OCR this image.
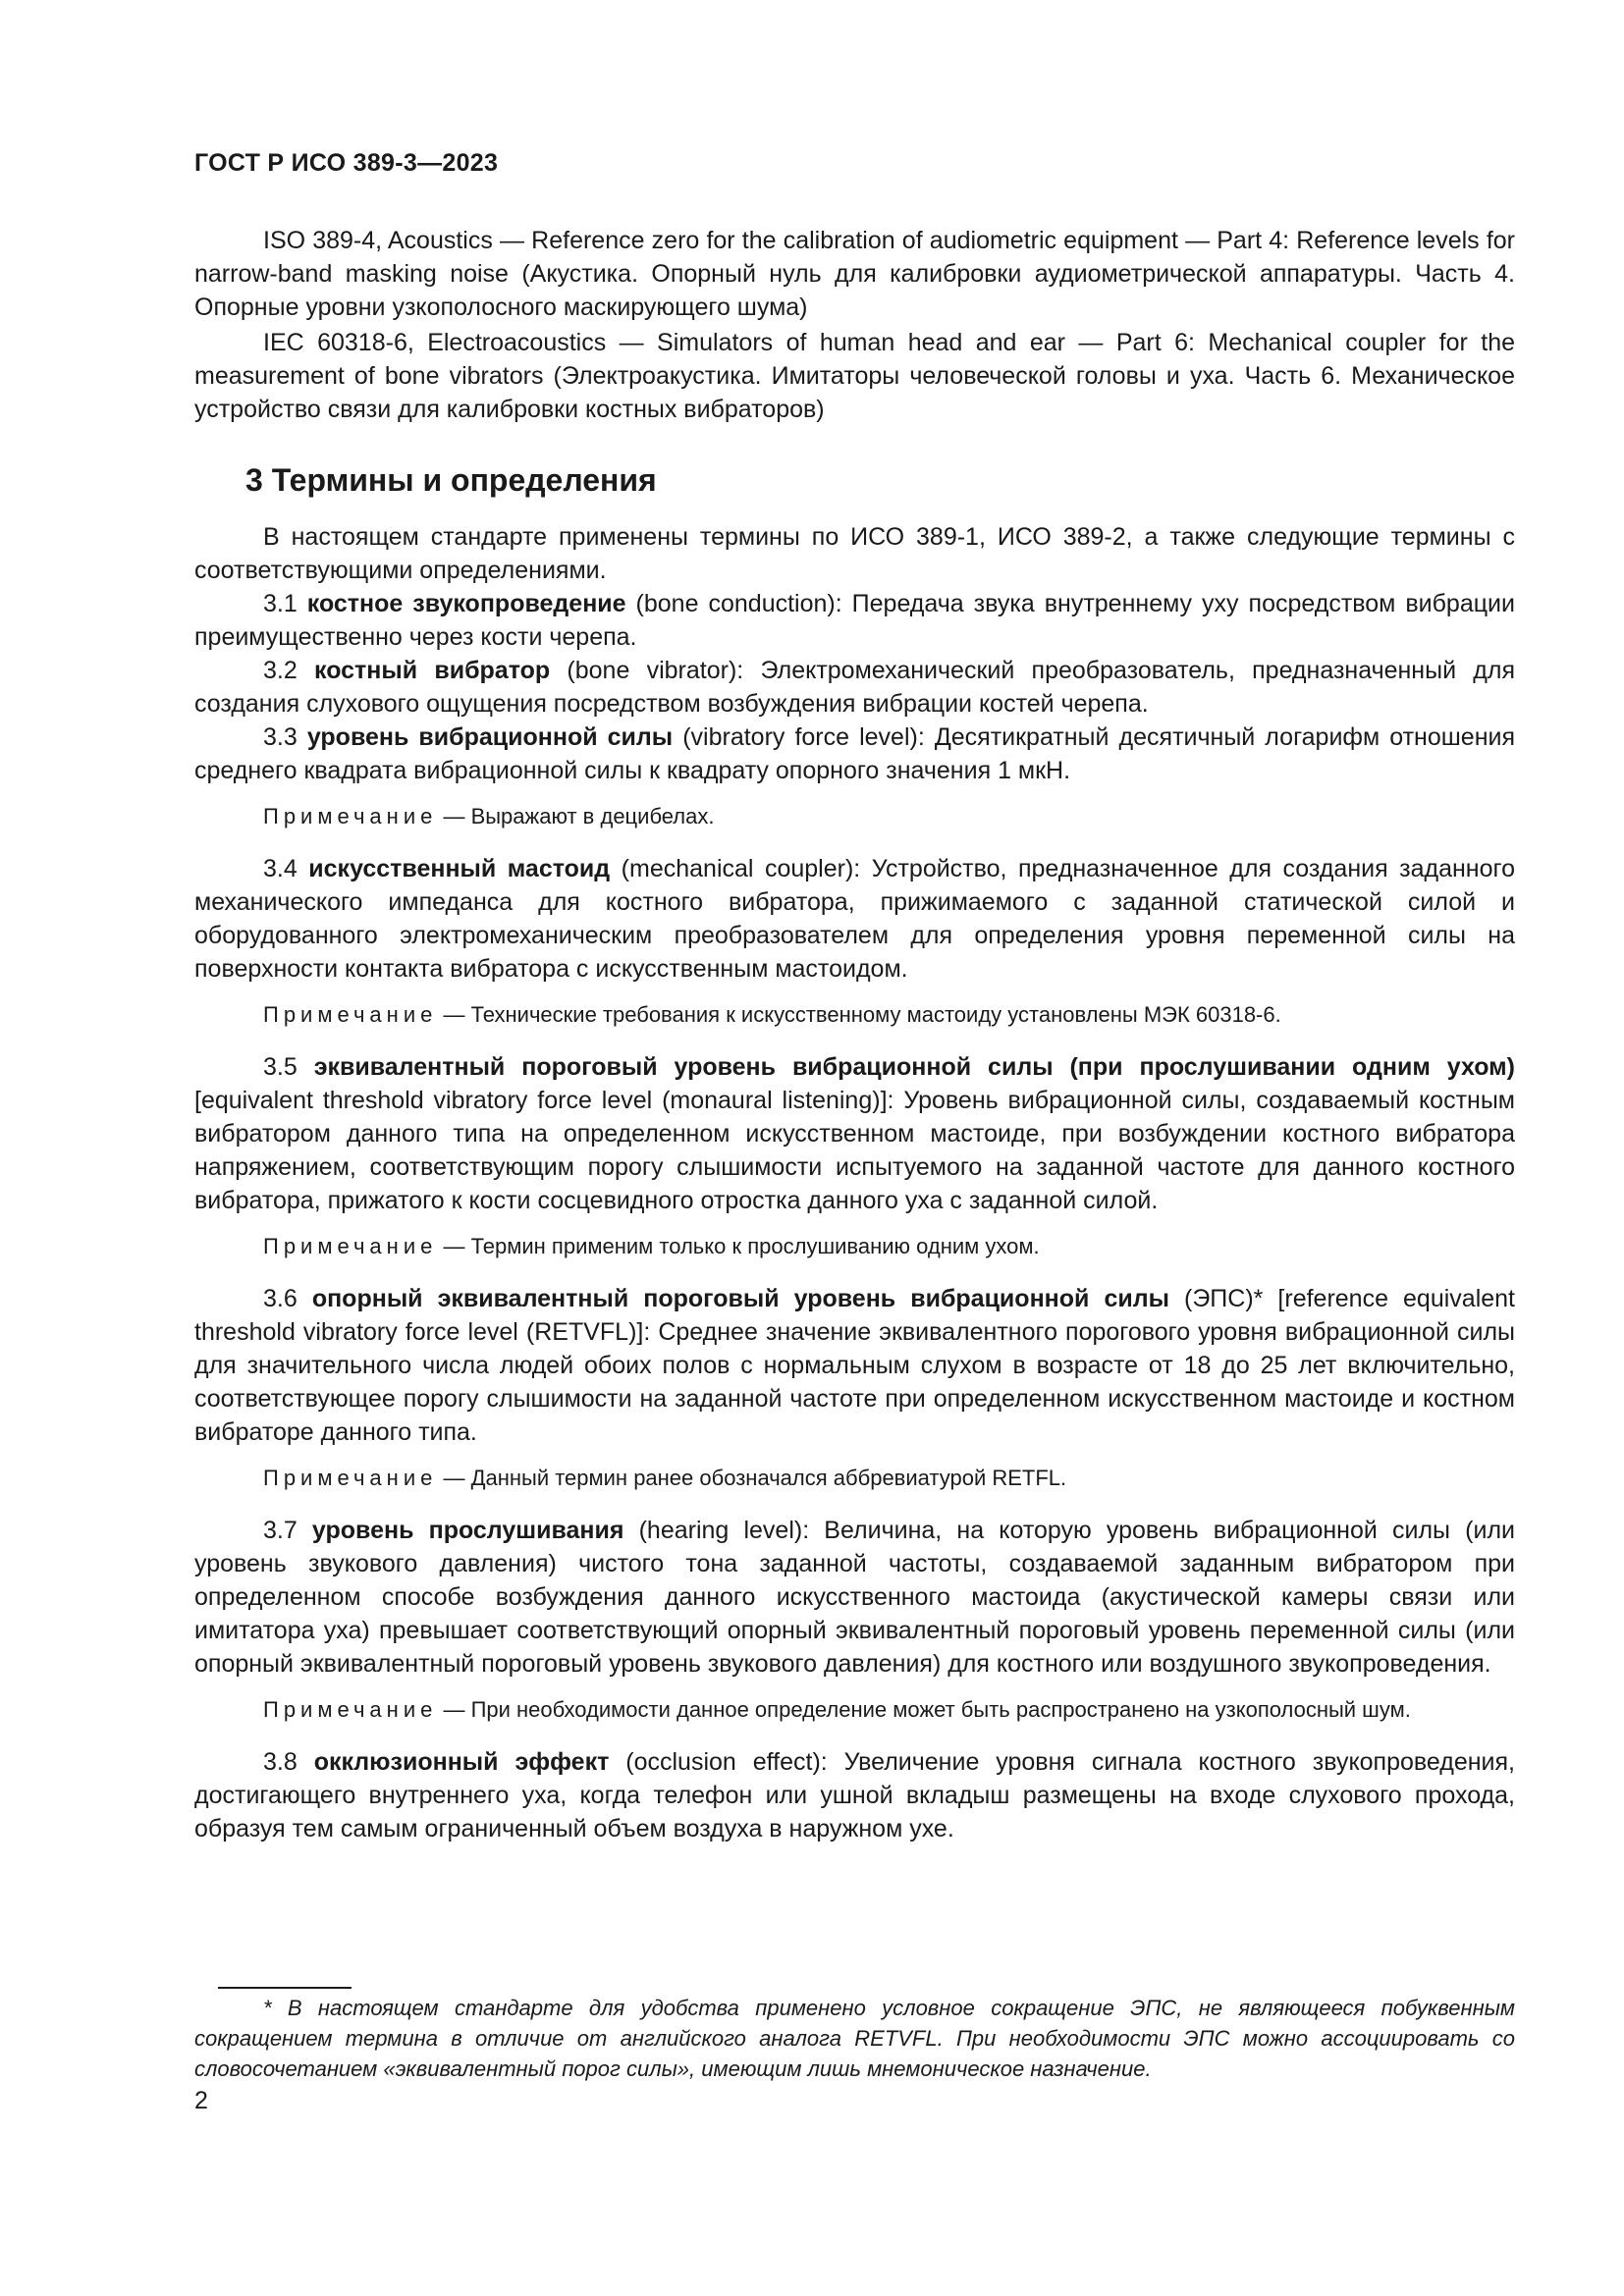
ГОСТ Р ИСО 389-3—2023

ISO 389-4, Acoustics — Reference zero for the calibration of audiometric equipment — Part 4: Reference levels for narrow-band masking noise (Акустика. Опорный нуль для калибровки аудиометрической аппаратуры. Часть 4. Опорные уровни узкополосного маскирующего шума)

IEC 60318-6, Electroacoustics — Simulators of human head and ear — Part 6: Mechanical coupler for the measurement of bone vibrators (Электроакустика. Имитаторы человеческой головы и уха. Часть 6. Механическое устройство связи для калибровки костных вибраторов)

3 Термины и определения

В настоящем стандарте применены термины по ИСО 389-1, ИСО 389-2, а также следующие термины с соответствующими определениями.

3.1 костное звукопроведение (bone conduction): Передача звука внутреннему уху посредством вибрации преимущественно через кости черепа.

3.2 костный вибратор (bone vibrator): Электромеханический преобразователь, предназначенный для создания слухового ощущения посредством возбуждения вибрации костей черепа.

3.3 уровень вибрационной силы (vibratory force level): Десятикратный десятичный логарифм отношения среднего квадрата вибрационной силы к квадрату опорного значения 1 мкН.

Примечание — Выражают в децибелах.

3.4 искусственный мастоид (mechanical coupler): Устройство, предназначенное для создания заданного механического импеданса для костного вибратора, прижимаемого с заданной статической силой и оборудованного электромеханическим преобразователем для определения уровня переменной силы на поверхности контакта вибратора с искусственным мастоидом.

Примечание — Технические требования к искусственному мастоиду установлены МЭК 60318-6.

3.5 эквивалентный пороговый уровень вибрационной силы (при прослушивании одним ухом) [equivalent threshold vibratory force level (monaural listening)]: Уровень вибрационной силы, создаваемый костным вибратором данного типа на определенном искусственном мастоиде, при возбуждении костного вибратора напряжением, соответствующим порогу слышимости испытуемого на заданной частоте для данного костного вибратора, прижатого к кости сосцевидного отростка данного уха с заданной силой.

Примечание — Термин применим только к прослушиванию одним ухом.

3.6 опорный эквивалентный пороговый уровень вибрационной силы (ЭПС)* [reference equivalent threshold vibratory force level (RETVFL)]: Среднее значение эквивалентного порогового уровня вибрационной силы для значительного числа людей обоих полов с нормальным слухом в возрасте от 18 до 25 лет включительно, соответствующее порогу слышимости на заданной частоте при определенном искусственном мастоиде и костном вибраторе данного типа.

Примечание — Данный термин ранее обозначался аббревиатурой RETFL.

3.7 уровень прослушивания (hearing level): Величина, на которую уровень вибрационной силы (или уровень звукового давления) чистого тона заданной частоты, создаваемой заданным вибратором при определенном способе возбуждения данного искусственного мастоида (акустической камеры связи или имитатора уха) превышает соответствующий опорный эквивалентный пороговый уровень переменной силы (или опорный эквивалентный пороговый уровень звукового давления) для костного или воздушного звукопроведения.

Примечание — При необходимости данное определение может быть распространено на узкополосный шум.

3.8 окклюзионный эффект (occlusion effect): Увеличение уровня сигнала костного звукопроведения, достигающего внутреннего уха, когда телефон или ушной вкладыш размещены на входе слухового прохода, образуя тем самым ограниченный объем воздуха в наружном ухе.

* В настоящем стандарте для удобства применено условное сокращение ЭПС, не являющееся побуквенным сокращением термина в отличие от английского аналога RETVFL. При необходимости ЭПС можно ассоциировать со словосочетанием «эквивалентный порог силы», имеющим лишь мнемоническое назначение.

2
